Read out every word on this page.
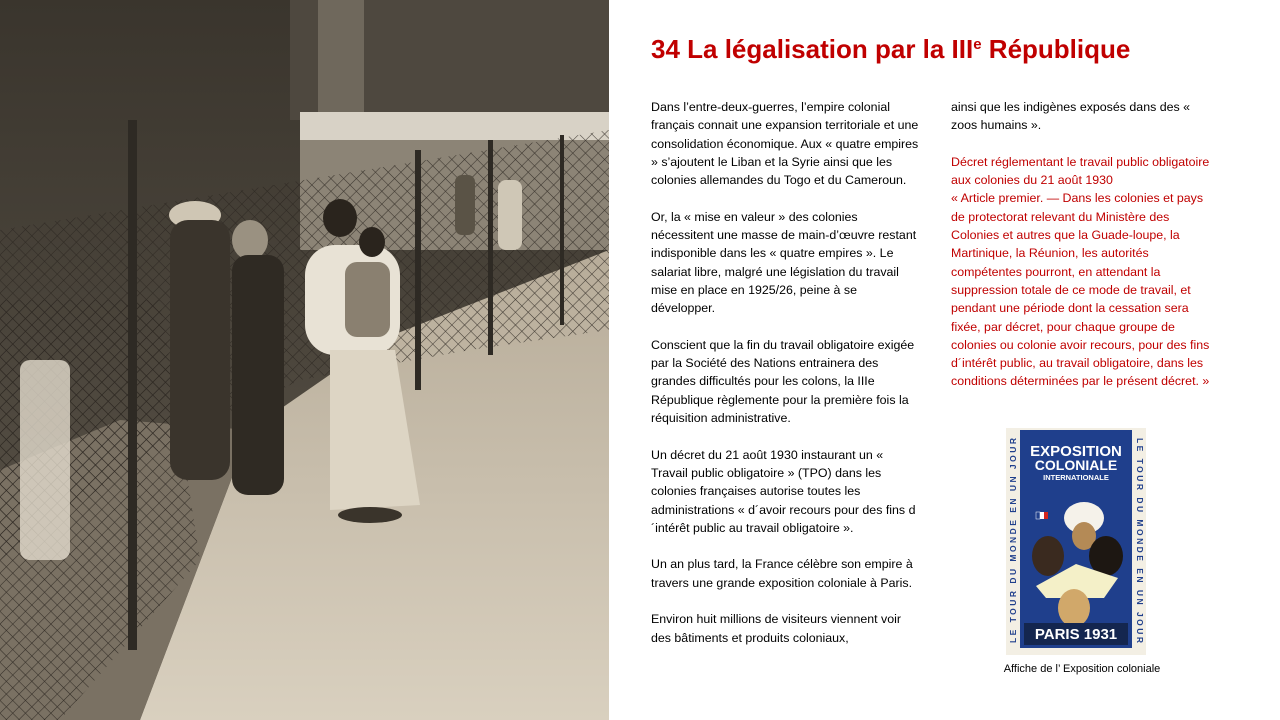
34 La légalisation par la IIIe République

Dans l’entre-deux-guerres, l’empire colonial français connait une expansion territoriale et une consolidation économique. Aux « quatre empires » s’ajoutent le Liban et la Syrie ainsi que les colonies allemandes du Togo et du Cameroun.

Or, la « mise en valeur » des colonies nécessitent une masse de main-d’œuvre restant indisponible dans les « quatre empires ». Le salariat libre, malgré une législation du travail mise en place en 1925/26, peine à se développer.

Conscient que la fin du travail obligatoire exigée par la Société des Nations entrainera des grandes difficultés pour les colons, la IIIe République règlemente pour la première fois la réquisition administrative.

Un décret du 21 août 1930 instaurant un « Travail public obligatoire » (TPO) dans les colonies françaises autorise toutes les administrations « d´avoir recours pour des fins d´intérêt public au travail obligatoire ».

Un an plus tard, la France célèbre son empire à travers une grande exposition coloniale à Paris.

Environ huit millions de visiteurs viennent voir des bâtiments et produits coloniaux,

ainsi que les indigènes exposés dans des « zoos humains ».

Décret réglementant le travail public obligatoire aux colonies du 21 août 1930

« Article premier. — Dans les colonies et pays de protectorat relevant du Ministère des Colonies et autres que la Guade-loupe, la Martinique, la Réunion, les autorités compétentes pourront, en attendant la suppression totale de ce mode de travail, et pendant une période dont la cessation sera fixée, par décret, pour chaque groupe de colonies ou colonie avoir recours, pour des fins d´intérêt public, au travail obligatoire, dans les conditions déterminées par le présent décret. »

EXPOSITION
COLONIALE
INTERNATIONALE
PARIS 1931
LE TOUR DU MONDE EN UN JOUR	LE TOUR DU MONDE EN UN JOUR
Affiche de l’ Exposition coloniale
